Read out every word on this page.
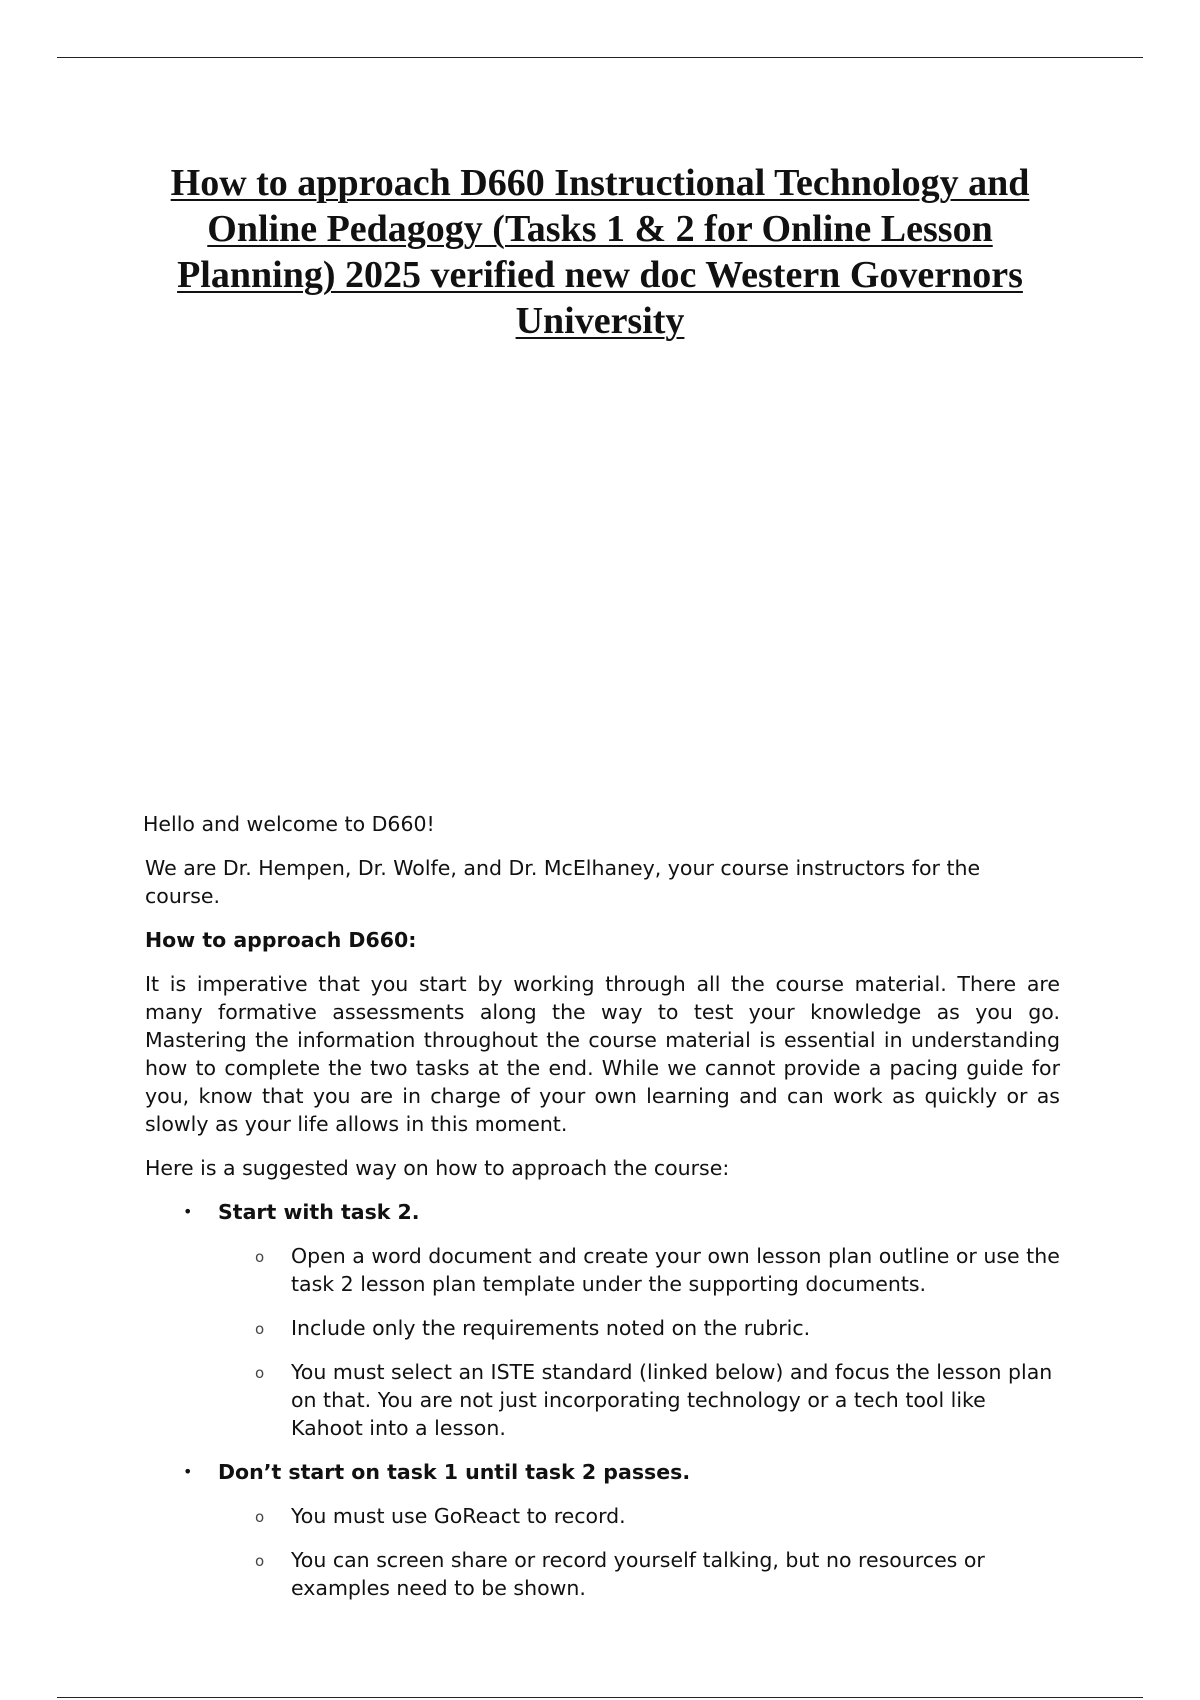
How to approach D660 Instructional Technology and Online Pedagogy (Tasks 1 & 2 for Online Lesson Planning) 2025 verified new doc Western Governors University

Hello and welcome to D660!

We are Dr. Hempen, Dr. Wolfe, and Dr. McElhaney, your course instructors for the course.

How to approach D660:

It is imperative that you start by working through all the course material. There are many formative assessments along the way to test your knowledge as you go. Mastering the information throughout the course material is essential in understanding how to complete the two tasks at the end. While we cannot provide a pacing guide for you, know that you are in charge of your own learning and can work as quickly or as slowly as your life allows in this moment.

Here is a suggested way on how to approach the course:

• Start with task 2.
o Open a word document and create your own lesson plan outline or use the task 2 lesson plan template under the supporting documents.
o Include only the requirements noted on the rubric.
o You must select an ISTE standard (linked below) and focus the lesson plan on that. You are not just incorporating technology or a tech tool like Kahoot into a lesson.
• Don’t start on task 1 until task 2 passes.
o You must use GoReact to record.
o You can screen share or record yourself talking, but no resources or examples need to be shown.
